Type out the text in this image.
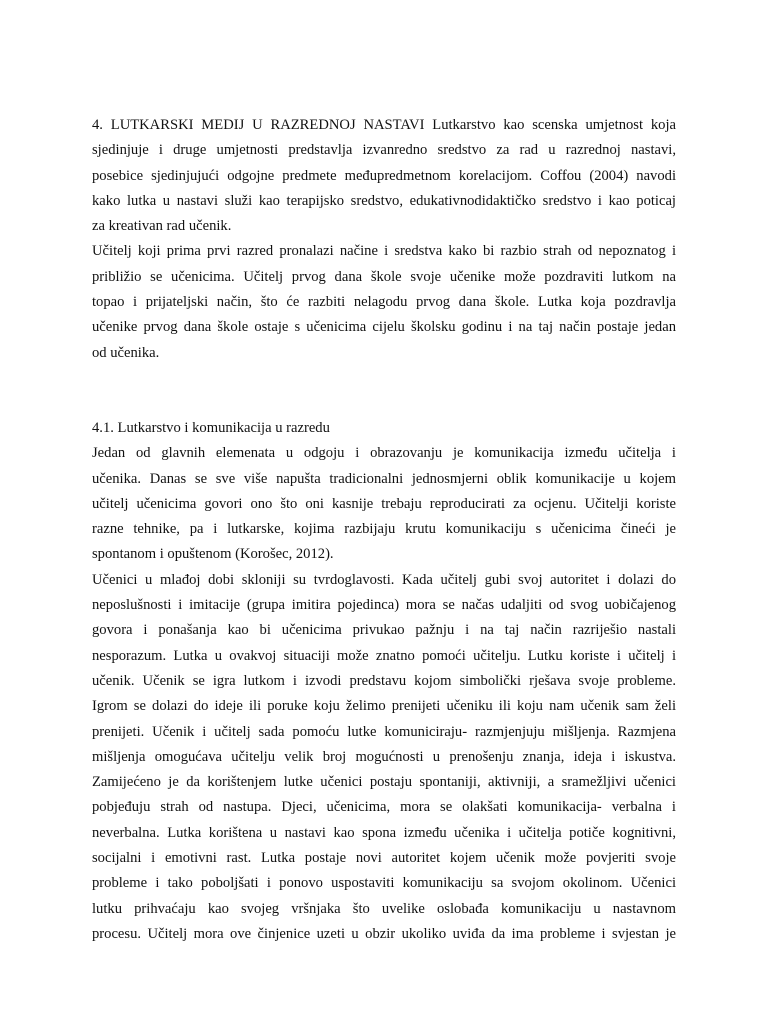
4. LUTKARSKI MEDIJ U RAZREDNOJ NASTAVI Lutkarstvo kao scenska umjetnost koja
sjedinjuje i druge umjetnosti predstavlja izvanredno sredstvo za rad u razrednoj nastavi,
posebice sjedinjujući odgojne predmete međupredmetnom korelacijom. Coffou (2004) navodi
kako lutka u nastavi služi kao terapijsko sredstvo, edukativnodidaktičko sredstvo i kao poticaj
za kreativan rad učenik.
Učitelj koji prima prvi razred pronalazi načine i sredstva kako bi razbio strah od nepoznatog i
približio se učenicima. Učitelj prvog dana škole svoje učenike može pozdraviti lutkom na
topao i prijateljski način, što će razbiti nelagodu prvog dana škole. Lutka koja pozdravlja
učenike prvog dana škole ostaje s učenicima cijelu školsku godinu i na taj način postaje jedan
od učenika.
4.1. Lutkarstvo i komunikacija u razredu
Jedan od glavnih elemenata u odgoju i obrazovanju je komunikacija između učitelja i
učenika. Danas se sve više napušta tradicionalni jednosmjerni oblik komunikacije u kojem
učitelj učenicima govori ono što oni kasnije trebaju reproducirati za ocjenu. Učitelji koriste
razne tehnike, pa i lutkarske, kojima razbijaju krutu komunikaciju s učenicima čineći je
spontanom i opuštenom (Korošec, 2012).
Učenici u mlađoj dobi skloniji su tvrdoglavosti. Kada učitelj gubi svoj autoritet i dolazi do
neposlušnosti i imitacije (grupa imitira pojedinca) mora se načas udaljiti od svog uobičajenog
govora i ponašanja kao bi učenicima privukao pažnju i na taj način razriješio nastali
nesporazum. Lutka u ovakvoj situaciji može znatno pomoći učitelju. Lutku koriste i učitelj i
učenik. Učenik se igra lutkom i izvodi predstavu kojom simbolički rješava svoje probleme.
Igrom se dolazi do ideje ili poruke koju želimo prenijeti učeniku ili koju nam učenik sam želi
prenijeti. Učenik i učitelj sada pomoću lutke komuniciraju- razmjenjuju mišljenja. Razmjena
mišljenja omogućava učitelju velik broj mogućnosti u prenošenju znanja, ideja i iskustva.
Zamijećeno je da korištenjem lutke učenici postaju spontaniji, aktivniji, a sramežljivi učenici
pobjeđuju strah od nastupa. Djeci, učenicima, mora se olakšati komunikacija- verbalna i
neverbalna. Lutka korištena u nastavi kao spona između učenika i učitelja potiče kognitivni,
socijalni i emotivni rast. Lutka postaje novi autoritet kojem učenik može povjeriti svoje
probleme i tako poboljšati i ponovo uspostaviti komunikaciju sa svojom okolinom. Učenici
lutku prihvaćaju kao svojeg vršnjaka što uvelike oslobađa komunikaciju u nastavnom
procesu. Učitelj mora ove činjenice uzeti u obzir ukoliko uviđa da ima probleme i svjestan je
